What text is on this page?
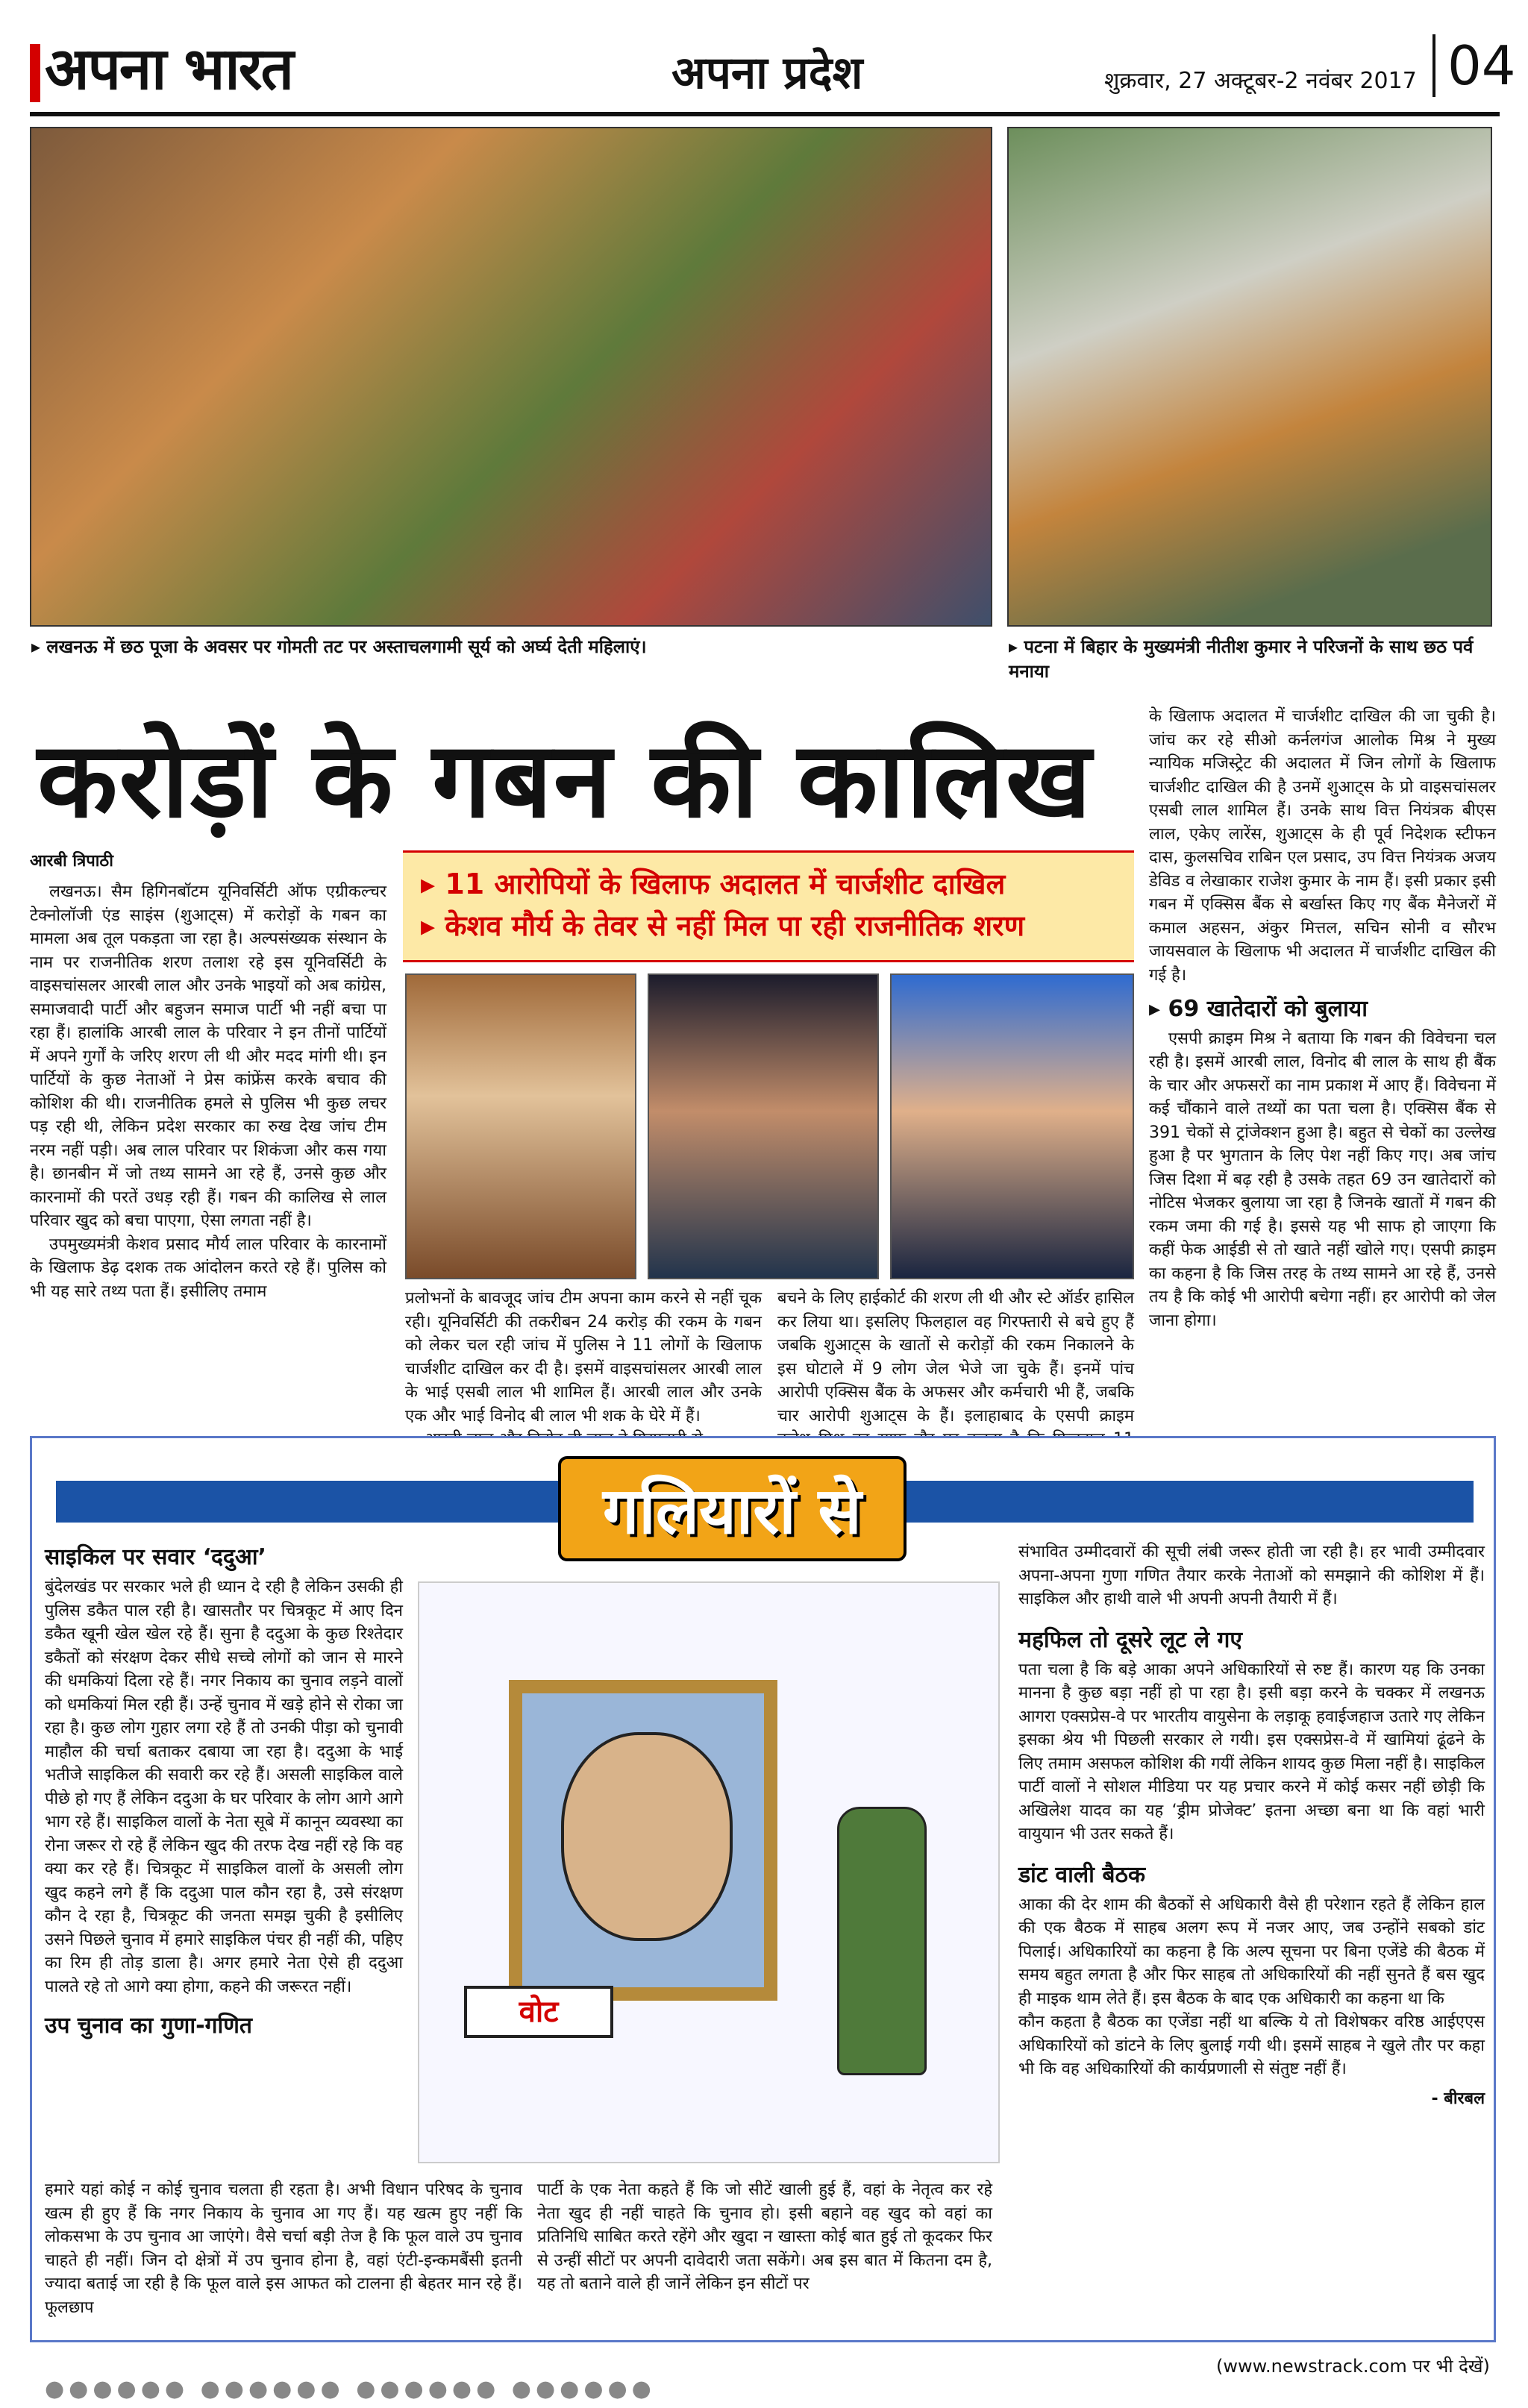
अपना भारत	अपना प्रदेश	शुक्रवार, 27 अक्टूबर-2 नवंबर 2017 04
▸ लखनऊ में छठ पूजा के अवसर पर गोमती तट पर अस्ताचलगामी सूर्य को अर्घ्य देती महिलाएं।
▸	पटना में बिहार के मुख्यमंत्री नीतीश कुमार ने परिजनों के साथ छठ पर्व मनाया
करोड़ों के गबन की कालिख
आरबी त्रिपाठी

लखनऊ। सैम हिगिनबॉटम यूनिवर्सिटी ऑफ एग्रीकल्चर टेक्नोलॉजी एंड साइंस (शुआट्स) में करोड़ों के गबन का मामला अब तूल पकड़ता जा रहा है। अल्पसंख्यक संस्थान के नाम पर राजनीतिक शरण तलाश रहे इस यूनिवर्सिटी के वाइसचांसलर आरबी लाल और उनके भाइयों को अब कांग्रेस, समाजवादी पार्टी और बहुजन समाज पार्टी भी नहीं बचा पा रहा हैं। हालांकि आरबी लाल के परिवार ने इन तीनों पार्टियों में अपने गुर्गों के जरिए शरण ली थी और मदद मांगी थी। इन पार्टियों के कुछ नेताओं ने प्रेस कांफ्रेंस करके बचाव की कोशिश की थी। राजनीतिक हमले से पुलिस भी कुछ लचर पड़ रही थी, लेकिन प्रदेश सरकार का रुख देख जांच टीम नरम नहीं पड़ी। अब लाल परिवार पर शिकंजा और कस गया है। छानबीन में जो तथ्य सामने आ रहे हैं, उनसे कुछ और कारनामों की परतें उधड़ रही हैं। गबन की कालिख से लाल परिवार खुद को बचा पाएगा, ऐसा लगता नहीं है।

उपमुख्यमंत्री केशव प्रसाद मौर्य लाल परिवार के कारनामों के खिलाफ डेढ़ दशक तक आंदोलन करते रहे हैं। पुलिस को भी यह सारे तथ्य पता हैं। इसीलिए तमाम

▸ 11 आरोपियों के खिलाफ अदालत में चार्जशीट दाखिल
▸ केशव मौर्य के तेवर से नहीं मिल पा रही राजनीतिक शरण

प्रलोभनों के बावजूद जांच टीम अपना काम करने से नहीं चूक रही। यूनिवर्सिटी की तकरीबन 24 करोड़ की रकम के गबन को लेकर चल रही जांच में पुलिस ने 11 लोगों के खिलाफ चार्जशीट दाखिल कर दी है। इसमें वाइसचांसलर आरबी लाल के भाई एसबी लाल भी शामिल हैं। आरबी लाल और उनके एक और भाई विनोद बी लाल भी शक के घेरे में हैं।

बचने के लिए हाईकोर्ट की शरण ली थी और स्टे ऑर्डर हासिल कर लिया था। इसलिए फिलहाल वह गिरफ्तारी से बचे हुए हैं जबकि शुआट्स के खातों से करोड़ों की रकम निकालने के इस घोटाले में 9 लोग जेल भेजे जा चुके हैं। इनमें पांच आरोपी एक्सिस बैंक के अफसर और कर्मचारी भी हैं, जबकि चार आरोपी शुआट्स के हैं। इलाहाबाद के एसपी क्राइम

के खिलाफ अदालत में चार्जशीट दाखिल की जा चुकी है। जांच कर रहे सीओ कर्नलगंज आलोक मिश्र ने मुख्य न्यायिक मजिस्ट्रेट की अदालत में जिन लोगों के खिलाफ चार्जशीट दाखिल की है उनमें शुआट्स के प्रो वाइसचांसलर एसबी लाल शामिल हैं। उनके साथ वित्त नियंत्रक बीएस लाल, एकेए लारेंस, शुआट्स के ही पूर्व निदेशक स्टीफन दास, कुलसचिव राबिन एल प्रसाद, उप वित्त नियंत्रक अजय डेविड व लेखाकार राजेश कुमार के नाम हैं। इसी प्रकार इसी गबन में एक्सिस बैंक से बर्खास्त किए गए बैंक मैनेजरों में कमाल अहसन, अंकुर मित्तल, सचिन सोनी व सौरभ जायसवाल के खिलाफ भी अदालत में चार्जशीट दाखिल की गई है।

▸ 69 खातेदारों को बुलाया

एसपी क्राइम मिश्र ने बताया कि गबन की विवेचना चल रही है। इसमें आरबी लाल, विनोद बी लाल के साथ ही बैंक के चार और अफसरों का नाम प्रकाश में आए हैं। विवेचना में कई चौंकाने वाले तथ्यों का पता चला है। एक्सिस बैंक से 391 चेकों से ट्रांजेक्शन हुआ है। बहुत से चेकों का उल्लेख हुआ है पर भुगतान के लिए पेश नहीं किए गए। अब जांच जिस दिशा में बढ़ रही है उसके तहत 69 उन खातेदारों को नोटिस भेजकर बुलाया जा रहा है जिनके खातों में गबन की रकम जमा की गई है। इससे यह भी साफ हो जाएगा कि कहीं फेक आईडी से तो खाते नहीं खोले गए। एसपी क्राइम का कहना है कि जिस तरह के तथ्य सामने आ रहे हैं, उनसे तय है कि कोई भी आरोपी बचेगा नहीं। हर आरोपी को जेल जाना होगा।

गलियारों से
साइकिल पर सवार ‘ददुआ’
बुंदेलखंड पर सरकार भले ही ध्यान दे रही है लेकिन उसकी ही पुलिस डकैत पाल रही है। खासतौर पर चित्रकूट में आए दिन डकैत खूनी खेल खेल रहे हैं। सुना है ददुआ के कुछ रिश्तेदार डकैतों को संरक्षण देकर सीधे सच्चे लोगों को जान से मारने की धमकियां दिला रहे हैं। नगर निकाय का चुनाव लड़ने वालों को धमकियां मिल रही हैं। उन्हें चुनाव में खड़े होने से रोका जा रहा है। कुछ लोग गुहार लगा रहे हैं तो उनकी पीड़ा को चुनावी माहौल की चर्चा बताकर दबाया जा रहा है। ददुआ के भाई भतीजे साइकिल की सवारी कर रहे हैं। असली साइकिल वाले पीछे हो गए हैं लेकिन ददुआ के घर परिवार के लोग आगे आगे भाग रहे हैं। साइकिल वालों के नेता सूबे में कानून व्यवस्था का रोना जरूर रो रहे हैं लेकिन खुद की तरफ देख नहीं रहे कि वह क्या कर रहे हैं। चित्रकूट में साइकिल वालों के असली लोग खुद कहने लगे हैं कि ददुआ पाल कौन रहा है, उसे संरक्षण कौन दे रहा है, चित्रकूट की जनता समझ चुकी है इसीलिए उसने पिछले चुनाव में हमारे साइकिल पंचर ही नहीं की, पहिए का रिम ही तोड़ डाला है। अगर हमारे नेता ऐसे ही ददुआ पालते रहे तो आगे क्या होगा, कहने की जरूरत नहीं।
उप चुनाव का गुणा-गणित
हमारे यहां कोई न कोई चुनाव चलता ही रहता है। अभी विधान परिषद के चुनाव खत्म ही हुए हैं कि नगर निकाय के चुनाव आ गए हैं। यह खत्म हुए नहीं कि लोकसभा के उप चुनाव आ जाएंगे। वैसे चर्चा बड़ी तेज है कि फूल वाले उप चुनाव चाहते ही नहीं। जिन दो क्षेत्रों में उप चुनाव होना है, वहां एंटी-इन्कमबैंसी इतनी ज्यादा बताई जा रही है कि फूल वाले इस आफत को टालना ही बेहतर मान रहे हैं। फूलछाप
पार्टी के एक नेता कहते हैं कि जो सीटें खाली हुई हैं, वहां के नेतृत्व कर रहे नेता खुद ही नहीं चाहते कि चुनाव हो। इसी बहाने वह खुद को वहां का प्रतिनिधि साबित करते रहेंगे और खुदा न खास्ता कोई बात हुई तो कूदकर फिर से उन्हीं सीटों पर अपनी दावेदारी जता सकेंगे। अब इस बात में कितना दम है, यह तो बताने वाले ही जानें लेकिन इन सीटों पर
वोट
संभावित उम्मीदवारों की सूची लंबी जरूर होती जा रही है। हर भावी उम्मीदवार अपना-अपना गुणा गणित तैयार करके नेताओं को समझाने की कोशिश में हैं। साइकिल और हाथी वाले भी अपनी अपनी तैयारी में हैं।
महफिल तो दूसरे लूट ले गए
पता चला है कि बड़े आका अपने अधिकारियों से रुष्ट हैं। कारण यह कि उनका मानना है कुछ बड़ा नहीं हो पा रहा है। इसी बड़ा करने के चक्कर में लखनऊ आगरा एक्सप्रेस-वे पर भारतीय वायुसेना के लड़ाकू हवाईजहाज उतारे गए लेकिन इसका श्रेय भी पिछली सरकार ले गयी। इस एक्सप्रेस-वे में खामियां ढूंढने के लिए तमाम असफल कोशिश की गयीं लेकिन शायद कुछ मिला नहीं है। साइकिल पार्टी वालों ने सोशल मीडिया पर यह प्रचार करने में कोई कसर नहीं छोड़ी कि अखिलेश यादव का यह ‘ड्रीम प्रोजेक्ट’ इतना अच्छा बना था कि वहां भारी वायुयान भी उतर सकते हैं।
डांट वाली बैठक
आका की देर शाम की बैठकों से अधिकारी वैसे ही परेशान रहते हैं लेकिन हाल की एक बैठक में साहब अलग रूप में नजर आए, जब उन्होंने सबको डांट पिलाई। अधिकारियों का कहना है कि अल्प सूचना पर बिना एजेंडे की बैठक में समय बहुत लगता है और फिर साहब तो अधिकारियों की नहीं सुनते हैं बस खुद ही माइक थाम लेते हैं। इस बैठक के बाद एक अधिकारी का कहना था कि
कौन कहता है बैठक का एजेंडा नहीं था बल्कि ये तो विशेषकर वरिष्ठ आईएएस अधिकारियों को डांटने के लिए बुलाई गयी थी। इसमें साहब ने खुले तौर पर कहा भी कि वह अधिकारियों की कार्यप्रणाली से संतुष्ट नहीं हैं।
- बीरबल
(www.newstrack.com पर भी देखें)
●●●●●● ●●●●●● ●●●●●● ●●●●●●
